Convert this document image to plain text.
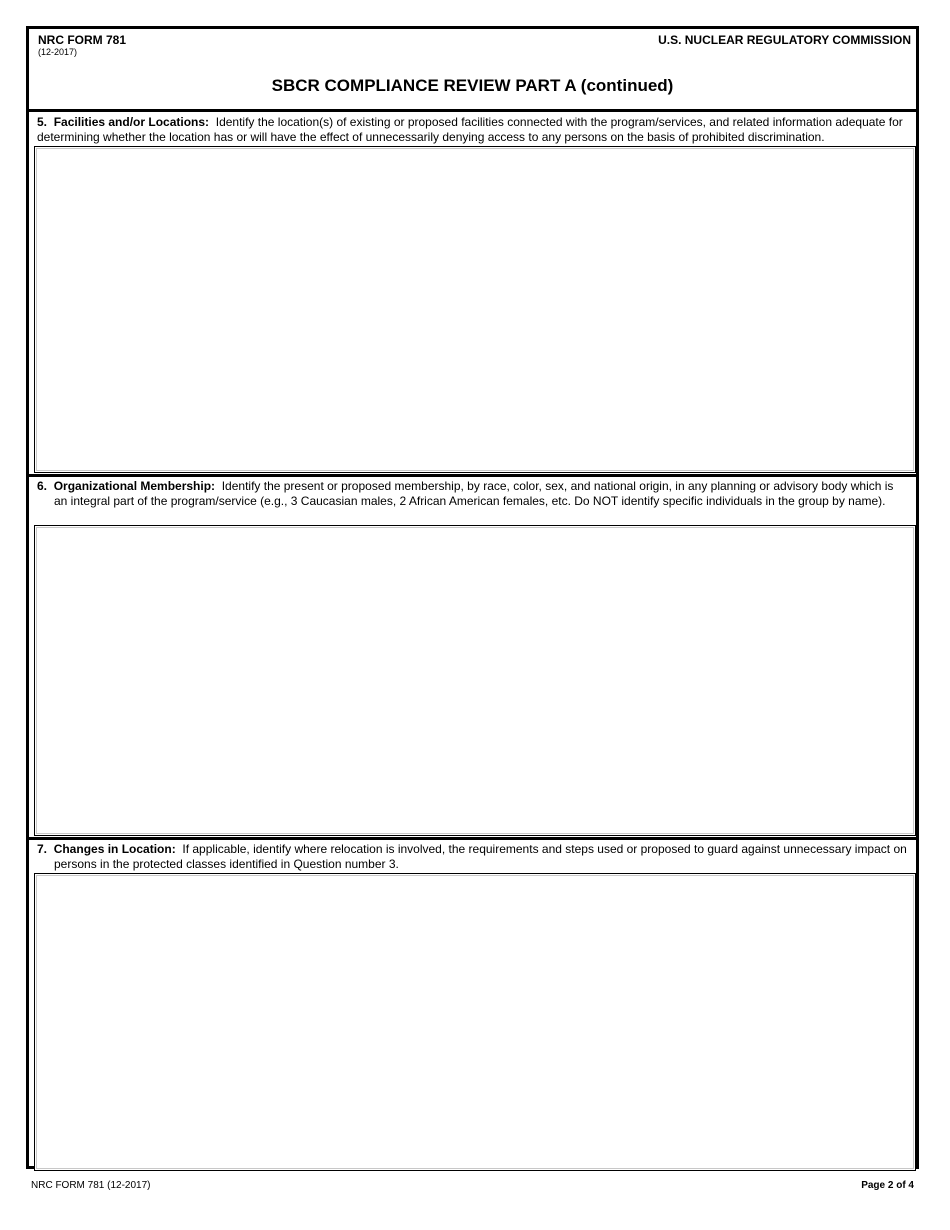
NRC FORM 781
(12-2017)
U.S. NUCLEAR REGULATORY COMMISSION
SBCR COMPLIANCE REVIEW PART A (continued)
5. Facilities and/or Locations: Identify the location(s) of existing or proposed facilities connected with the program/services, and related information adequate for determining whether the location has or will have the effect of unnecessarily denying access to any persons on the basis of prohibited discrimination.
6. Organizational Membership: Identify the present or proposed membership, by race, color, sex, and national origin, in any planning or advisory body which is an integral part of the program/service (e.g., 3 Caucasian males, 2 African American females, etc. Do NOT identify specific individuals in the group by name).
7. Changes in Location: If applicable, identify where relocation is involved, the requirements and steps used or proposed to guard against unnecessary impact on persons in the protected classes identified in Question number 3.
NRC FORM 781 (12-2017)	Page 2 of 4
